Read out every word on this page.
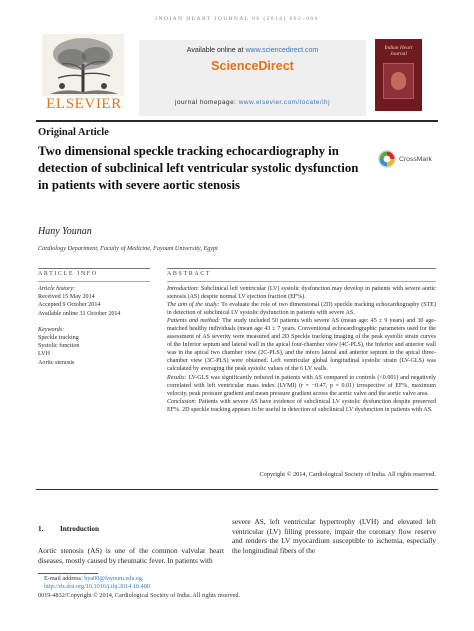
INDIAN HEART JOURNAL 66 (2014) 602–606
ELSEVIER
Available online at www.sciencedirect.com
ScienceDirect
journal homepage: www.elsevier.com/locate/ihj
Indian Heart Journal
Original Article
Two dimensional speckle tracking echocardiography in detection of subclinical left ventricular systolic dysfunction in patients with severe aortic stenosis
CrossMark
Hany Younan
Cardiology Department, Faculty of Medicine, Fayoum University, Egypt
ARTICLE INFO	ABSTRACT
Article history:
Received 15 May 2014
Accepted 9 October 2014
Available online 31 October 2014
Keywords:
Speckle tracking
Systolic function
LVH
Aortic stenosis

Introduction: Subclinical left ventricular (LV) systolic dysfunction may develop in patients with severe aortic stenosis (AS) despite normal LV ejection fraction (EF%).

The aim of the study: To evaluate the role of two dimensional (2D) speckle tracking echocardiography (STE) in detection of subclinical LV systolic dysfunction in patients with severe AS.

Patients and method: The study included 50 patients with severe AS (mean age: 45 ± 9 years) and 30 age-matched healthy individuals (mean age 43 ± 7 years. Conventional echocardiographic parameters used for the assessment of AS severity were measured and 2D Speckle tracking imaging of the peak systolic strain curves of the Inferior septum and lateral wall in the apical four-chamber view (4C-PLS), the Inferior and anterior wall was in the apical two chamber view (2C-PLS), and the infero lateral and anterior septum in the apical three-chamber view (3C-PLS) were obtained. Left ventricular global longitudinal systolic strain (LV-GLS) was calculated by averaging the peak systolic values of the 6 LV walls.

Results: LV-GLS was significantly reduced in patients with AS compared to controls (<0.001) and negatively correlated with left ventricular mass index (LVMI) (r = −0.47, p = 0.01) irrespective of EF%, maximum velocity, peak pressure gradient and mean pressure gradient across the aortic valve and the aortic valve area.

Conclusion: Patients with severe AS have evidence of subclinical LV systolic dysfunction despite preserved EF%. 2D speckle tracking appears to be useful in detection of subclinical LV dysfunction in patients with AS.

Copyright © 2014, Cardiological Society of India. All rights reserved.
1. Introduction
Aortic stenosis (AS) is one of the common valvular heart diseases, mostly caused by rheumatic fever. In patients with
severe AS, left ventricular hypertrophy (LVH) and elevated left ventricular (LV) filling pressure, impair the coronary flow reserve and renders the LV myocardium susceptible to ischemia, especially the longitudinal fibers of the
E-mail address: hya00@fayoum.edu.eg.
http://dx.doi.org/10.1016/j.ihj.2014.10.400
0019-4832/Copyright © 2014, Cardiological Society of India. All rights reserved.
